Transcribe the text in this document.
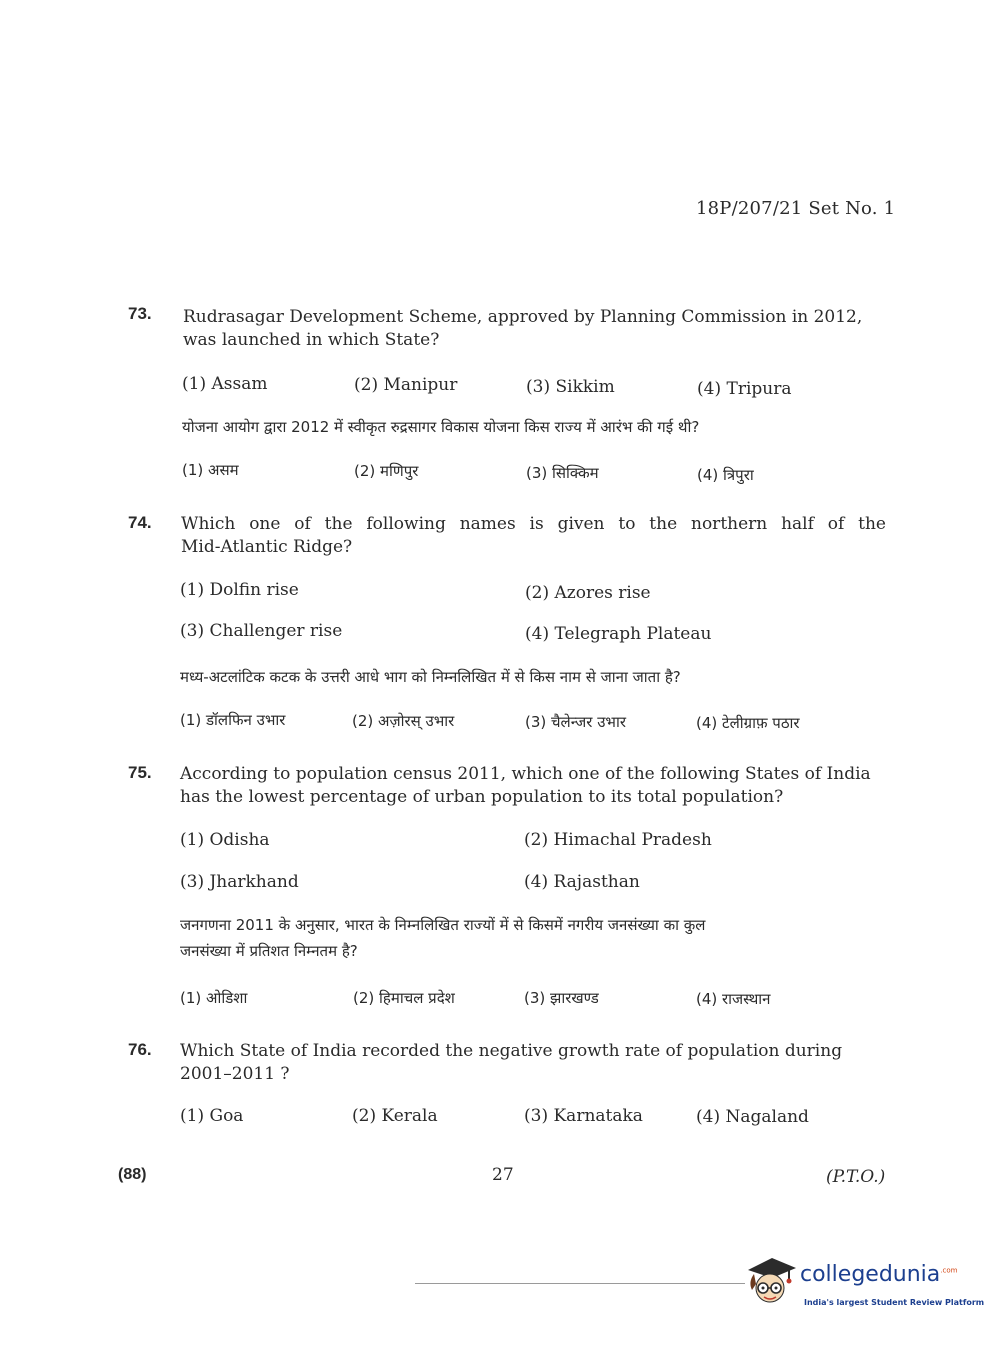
18P/207/21 Set No. 1
73. Rudrasagar Development Scheme, approved by Planning Commission in 2012,
was launched in which State?
(1) Assam	(2) Manipur	(3) Sikkim	(4) Tripura
योजना आयोग द्वारा 2012 में स्वीकृत रुद्रसागर विकास योजना किस राज्य में आरंभ की गई थी?
(1) असम	(2) मणिपुर	(3) सिक्किम	(4) त्रिपुरा
74. Which one of the following names is given to the northern half of the
Mid-Atlantic Ridge?
(1) Dolfin rise	(2) Azores rise
(3) Challenger rise	(4) Telegraph Plateau
मध्य-अटलांटिक कटक के उत्तरी आधे भाग को निम्नलिखित में से किस नाम से जाना जाता है?
(1) डॉलफिन उभार	(2) अज़ोरस् उभार	(3) चैलेन्जर उभार	(4) टेलीग्राफ़ पठार
75. According to population census 2011, which one of the following States of India
has the lowest percentage of urban population to its total population?
(1) Odisha	(2) Himachal Pradesh
(3) Jharkhand	(4) Rajasthan
जनगणना 2011 के अनुसार, भारत के निम्नलिखित राज्यों में से किसमें नगरीय जनसंख्या का कुल
जनसंख्या में प्रतिशत निम्नतम है?
(1) ओडिशा	(2) हिमाचल प्रदेश	(3) झारखण्ड	(4) राजस्थान
76. Which State of India recorded the negative growth rate of population during
2001–2011 ?
(1) Goa	(2) Kerala	(3) Karnataka	(4) Nagaland
(88)	27	(P.T.O.)
collegedunia$^{.com}$
India's largest Student Review Platform
